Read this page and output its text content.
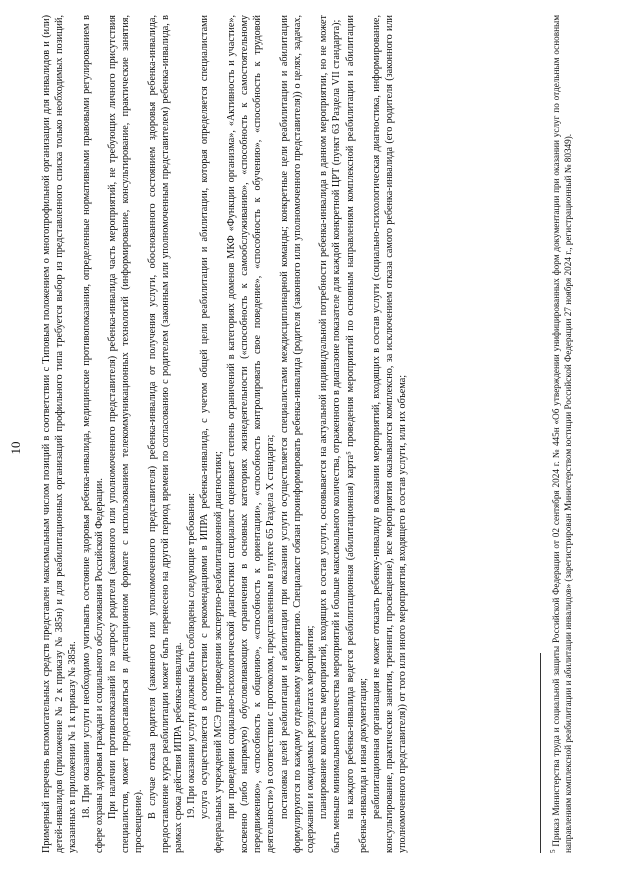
10 Примерный перечень вспомогательных средств представлен максимальным числом позиций в соответствии с Типовым положением о многопрофильной организации для инвалидов и (или) детей-инвалидов (приложение № 2 к приказу № 385н) и для реабилитационных организаций профильного типа требуется выбор из представленного списка только необходимых позиций, указанных в приложении № 1 к приказу № 385н. 18. При оказании услуги необходимо учитывать состояние здоровья ребенка-инвалида, медицинские противопоказания, определенные нормативными правовыми регулированием в сфере охраны здоровья граждан и социального обслуживания Российской Федерации. При наличии противопоказаний по запросу родителя (законного или уполномоченного представителя) ребенка-инвалида часть мероприятий, не требующих личного присутствия специалистов, может предоставляться в дистанционном формате с использованием телекоммуникационных технологий (информирование, консультирование, практические занятия, просвещение).

В случае отказа родителя (законного или уполномоченного представителя) ребенка-инвалида от получения услуги, обоснованного состоянием здоровья ребенка-инвалида, предоставление курса реабилитации может быть перенесено на другой период времени по согласованию с родителем (законным или уполномоченным представителем) ребенка-инвалида, в рамках срока действия ИПРА ребенка-инвалида. 19. При оказании услуги должны быть соблюдены следующие требования: услуга осуществляется в соответствии с рекомендациями в ИПРА ребенка-инвалида, с учетом общей цели реабилитации и абилитации, которая определяется специалистами федеральных учреждений МСЭ при проведении экспертно-реабилитационной диагностики; при проведении социально-психологической диагностики специалист оценивает степень ограничений в категориях доменов МКФ «Функции организма», «Активность и участие», косвенно (либо напрямую) обусловливающих ограничения в основных категориях жизнедеятельности («способность к самообслуживанию», «способность к самостоятельному передвижению», «способность к общению», «способность к ориентации», «способность контролировать свое поведение», «способность к обучению», «способность к трудовой деятельности») в соответствии с протоколом, представленным в пункте 65 Раздела X стандарта; постановка целей реабилитации и абилитации при оказании услуги осуществляется специалистами междисциплинарной команды; конкретные цели реабилитации и абилитации формулируются по каждому отдельному мероприятию. Специалист обязан проинформировать ребенка-инвалида (родителя (законного или уполномоченного представителя)) о целях, задачах, содержании и ожидаемых результатах мероприятия; планирование количества мероприятий, входящих в состав услуги, основывается на актуальной индивидуальной потребности ребенка-инвалида в данном мероприятии, но не может быть меньше минимального количества мероприятий и больше максимального количества, отраженного в диапазоне показателе для каждой конкретной ЦРТ (пункт 63 Раздела VII стандарта); на каждого ребенка-инвалида ведется реабилитационная (абилитационная) карта⁵ проведения мероприятий по основным направлениям комплексной реабилитации и абилитации ребенка-инвалида и иная документация; реабилитационная организация не может отказать ребенку-инвалиду в оказании мероприятий, входящих в состав услуги (социально-психологическая диагностика, информирование, консультирование, практические занятия, тренинги, просвещение), все мероприятия оказываются комплексно, за исключением отказа самого ребенка-инвалида (его родителя (законного или уполномоченного представителя)) от того или иного мероприятия, входящего в состав услуги, или их объема;	$^5$ Приказ Министерства труда и социальной защиты Российской Федерации от 02 сентября 2024 г. № 445н «Об утверждении унифицированных форм документации при оказании услуг по отдельным основным направлениям комплексной реабилитации и абилитации инвалидов» (зарегистрирован Министерством юстиции Российской Федерации 27 ноября 2024 г., регистрационный № 80349).
